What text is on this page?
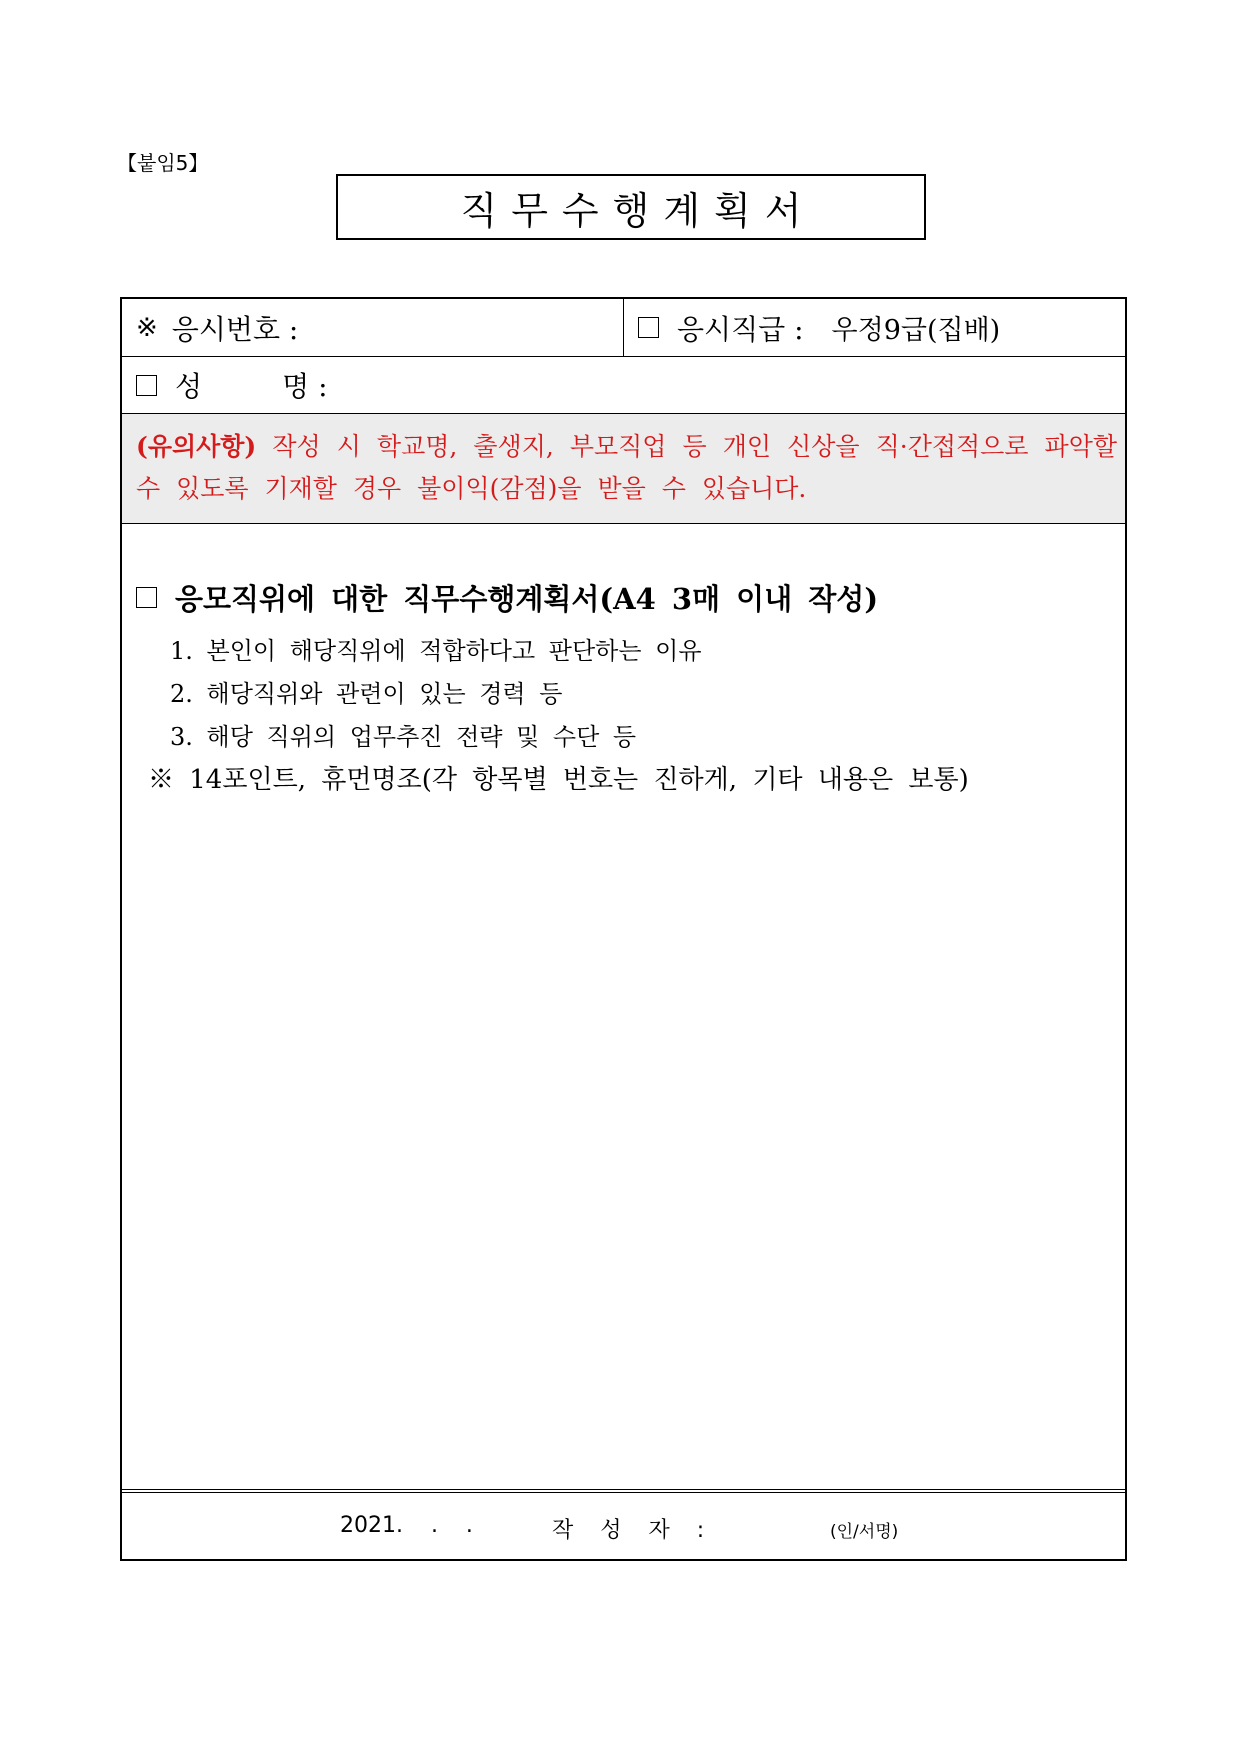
【붙임5】
직무수행계획서
※ 응시번호 :	응시직급 : 우정9급(집배)
성         명 :
(유의사항) 작성 시 학교명, 출생지, 부모직업 등 개인 신상을 직·간접적으로 파악할 수 있도록 기재할 경우 불이익(감점)을 받을 수 있습니다.
응모직위에 대한 직무수행계획서(A4 3매 이내 작성)
1. 본인이 해당직위에 적합하다고 판단하는 이유
2. 해당직위와 관련이 있는 경력 등
3. 해당 직위의 업무추진 전략 및 수단 등
※ 14포인트, 휴먼명조(각 항목별 번호는 진하게, 기타 내용은 보통)
2021.    .    .	작 성 자 :	(인/서명)
